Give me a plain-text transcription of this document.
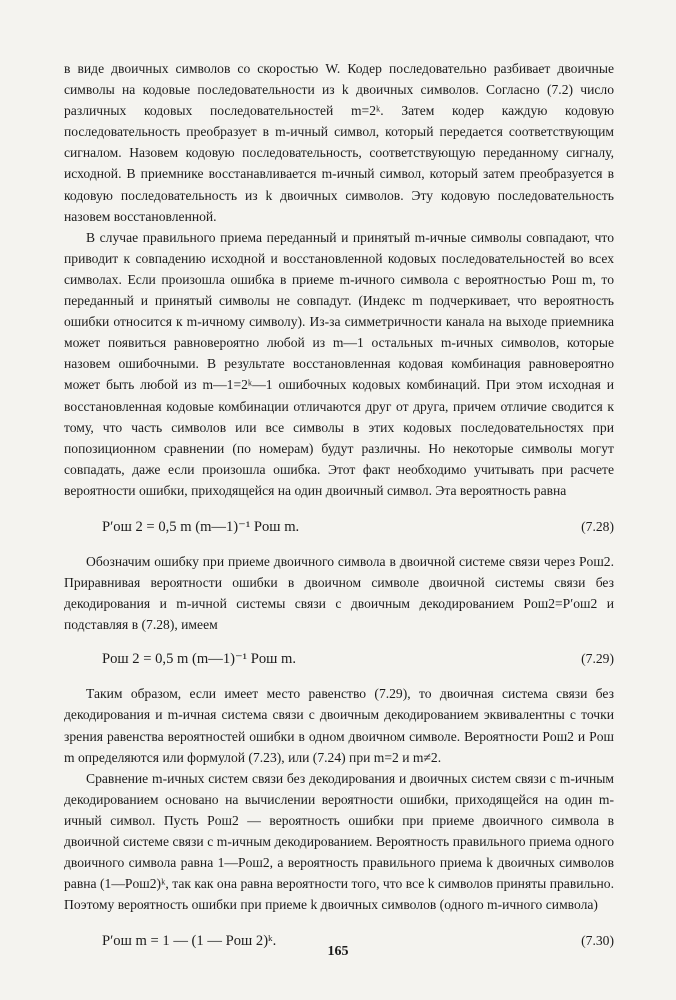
в виде двоичных символов со скоростью W. Кодер последовательно разбивает двоичные символы на кодовые последовательности из k двоичных символов. Согласно (7.2) число различных кодовых последовательностей m=2ᵏ. Затем кодер каждую кодовую последовательность преобразует в m-ичный символ, который передается соответствующим сигналом. Назовем кодовую последовательность, соответствующую переданному сигналу, исходной. В приемнике восстанавливается m-ичный символ, который затем преобразуется в кодовую последовательность из k двоичных символов. Эту кодовую последовательность назовем восстановленной.

В случае правильного приема переданный и принятый m-ичные символы совпадают, что приводит к совпадению исходной и восстановленной кодовых последовательностей во всех символах. Если произошла ошибка в приеме m-ичного символа с вероятностью Pош m, то переданный и принятый символы не совпадут. (Индекс m подчеркивает, что вероятность ошибки относится к m-ичному символу). Из-за симметричности канала на выходе приемника может появиться равновероятно любой из m—1 остальных m-ичных символов, которые назовем ошибочными. В результате восстановленная кодовая комбинация равновероятно может быть любой из m—1=2ᵏ—1 ошибочных кодовых комбинаций. При этом исходная и восстановленная кодовые комбинации отличаются друг от друга, причем отличие сводится к тому, что часть символов или все символы в этих кодовых последовательностях при попозиционном сравнении (по номерам) будут различны. Но некоторые символы могут совпадать, даже если произошла ошибка. Этот факт необходимо учитывать при расчете вероятности ошибки, приходящейся на один двоичный символ. Эта вероятность равна

P′ош 2 = 0,5 m (m—1)⁻¹ Pош m.	(7.28)

Обозначим ошибку при приеме двоичного символа в двоичной системе связи через Pош2. Приравнивая вероятности ошибки в двоичном символе двоичной системы связи без декодирования и m-ичной системы связи с двоичным декодированием Pош2=P′ош2 и подставляя в (7.28), имеем

Pош 2 = 0,5 m (m—1)⁻¹ Pош m.	(7.29)

Таким образом, если имеет место равенство (7.29), то двоичная система связи без декодирования и m-ичная система связи с двоичным декодированием эквивалентны с точки зрения равенства вероятностей ошибки в одном двоичном символе. Вероятности Pош2 и Pош m определяются или формулой (7.23), или (7.24) при m=2 и m≠2.

Сравнение m-ичных систем связи без декодирования и двоичных систем связи с m-ичным декодированием основано на вычислении вероятности ошибки, приходящейся на один m-ичный символ. Пусть Pош2 — вероятность ошибки при приеме двоичного символа в двоичной системе связи с m-ичным декодированием. Вероятность правильного приема одного двоичного символа равна 1—Pош2, а вероятность правильного приема k двоичных символов равна (1—Pош2)ᵏ, так как она равна вероятности того, что все k символов приняты правильно. Поэтому вероятность ошибки при приеме k двоичных символов (одного m-ичного символа)

P′ош m = 1 — (1 — Pош 2)ᵏ.	(7.30)
165
